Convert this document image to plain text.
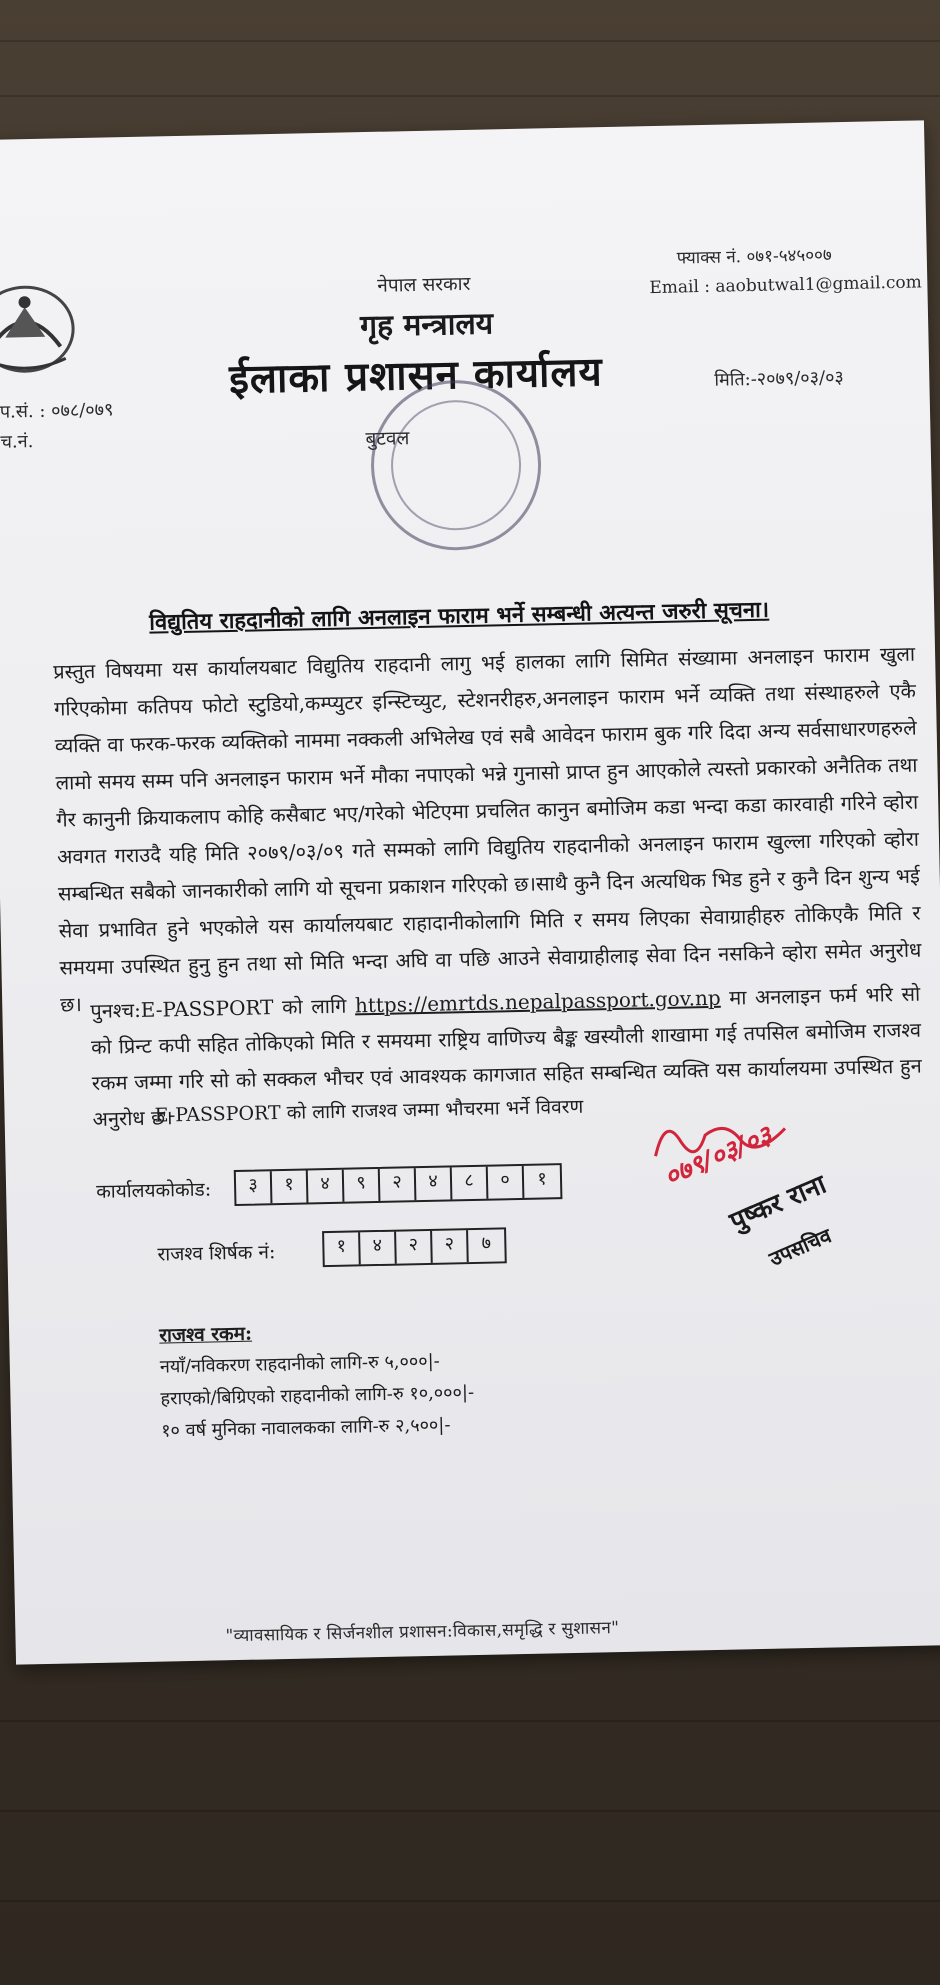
नेपाल सरकार
गृह मन्त्रालय
ईलाका प्रशासन कार्यालय
बुटवल
फ्याक्स नं. ०७१-५४५००७
Email : aaobutwal1@gmail.com
प.सं. : ०७८/०७९
च.नं.
मिति:-२०७९/०३/०३
विद्युतिय राहदानीको लागि अनलाइन फाराम भर्ने सम्बन्धी अत्यन्त जरुरी सूचना।
प्रस्तुत विषयमा यस कार्यालयबाट विद्युतिय राहदानी लागु भई हालका लागि सिमित संख्यामा अनलाइन फाराम खुला गरिएकोमा कतिपय फोटो स्टुडियो,कम्प्युटर इन्स्टिच्युट, स्टेशनरीहरु,अनलाइन फाराम भर्ने व्यक्ति तथा संस्थाहरुले एकै व्यक्ति वा फरक-फरक व्यक्तिको नाममा नक्कली अभिलेख एवं सबै आवेदन फाराम बुक गरि दिदा अन्य सर्वसाधारणहरुले लामो समय सम्म पनि अनलाइन फाराम भर्ने मौका नपाएको भन्ने गुनासो प्राप्त हुन आएकोले त्यस्तो प्रकारको अनैतिक तथा गैर कानुनी क्रियाकलाप कोहि कसैबाट भए/गरेको भेटिएमा प्रचलित कानुन बमोजिम कडा भन्दा कडा कारवाही गरिने व्होरा अवगत गराउदै यहि मिति २०७९/०३/०९ गते सम्मको लागि विद्युतिय राहदानीको अनलाइन फाराम खुल्ला गरिएको व्होरा सम्बन्धित सबैको जानकारीको लागि यो सूचना प्रकाशन गरिएको छ।साथै कुनै दिन अत्यधिक भिड हुने र कुनै दिन शुन्य भई सेवा प्रभावित हुने भएकोले यस कार्यालयबाट राहादानीकोलागि मिति र समय लिएका सेवाग्राहीहरु तोकिएकै मिति र समयमा उपस्थित हुनु हुन तथा सो मिति भन्दा अघि वा पछि आउने सेवाग्राहीलाइ सेवा दिन नसकिने व्होरा समेत अनुरोध छ। पुनश्च:E-PASSPORT को लागि https://emrtds.nepalpassport.gov.np मा अनलाइन फर्म भरि सो को प्रिन्ट कपी सहित तोकिएको मिति र समयमा राष्ट्रिय वाणिज्य बैङ्क खस्यौली शाखामा गई तपसिल बमोजिम राजश्व रकम जम्मा गरि सो को सक्कल भौचर एवं आवश्यक कागजात सहित सम्बन्धित व्यक्ति यस कार्यालयमा उपस्थित हुन अनुरोध छ।
E-PASSPORT को लागि राजश्व जम्मा भौचरमा भर्ने विवरण
कार्यालयकोकोड:	३	१	४	९	२	४	८	०	१
राजश्व शिर्षक नं:	१	४	२	२	७
०७९/०३/०३
पुष्कर राना
उपसचिव
राजश्व रकम:
नयाँ/नविकरण राहदानीको लागि-रु ५,०००|-
हराएको/बिग्रिएको राहदानीको लागि-रु १०,०००|-
१० वर्ष मुनिका नावालकका लागि-रु २,५००|-
"व्यावसायिक र सिर्जनशील प्रशासन:विकास,समृद्धि र सुशासन"
